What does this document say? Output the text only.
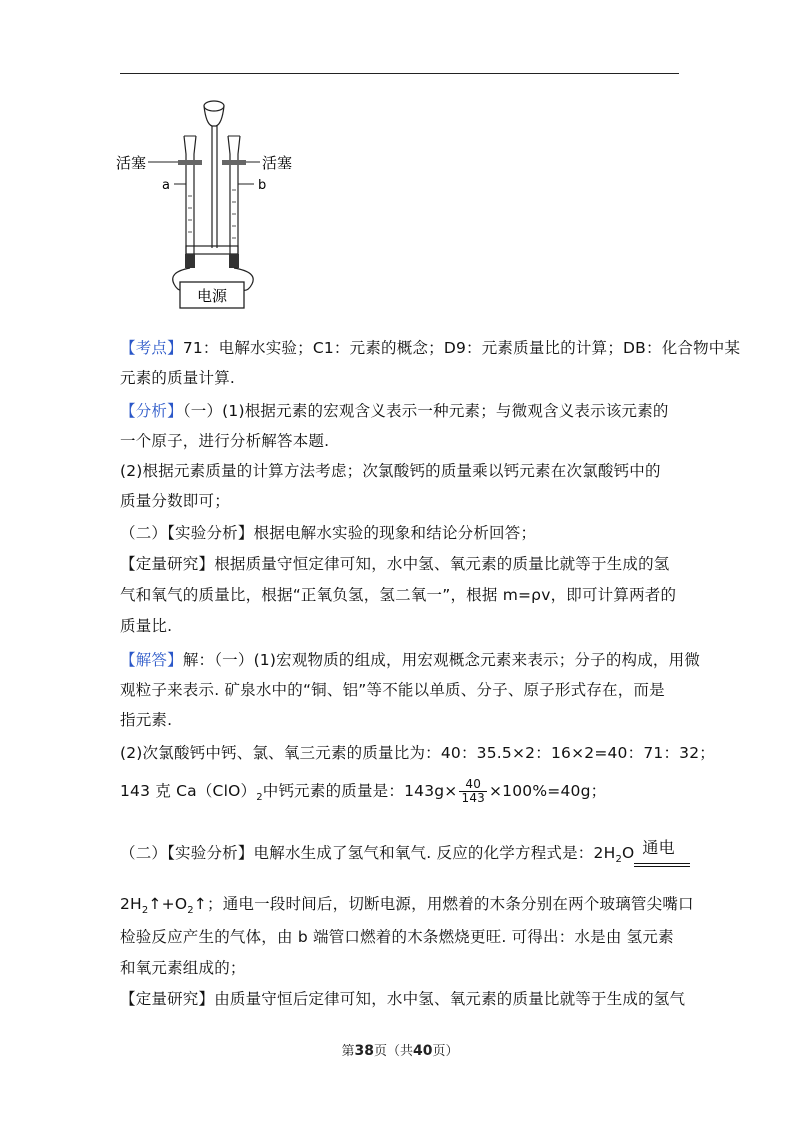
电源
活塞	活塞
a	b
【考点】71：电解水实验；C1：元素的概念；D9：元素质量比的计算；DB：化合物中某
元素的质量计算.
【分析】（一）(1)根据元素的宏观含义表示一种元素；与微观含义表示该元素的
一个原子，进行分析解答本题.
(2)根据元素质量的计算方法考虑；次氯酸钙的质量乘以钙元素在次氯酸钙中的
质量分数即可；
（二）【实验分析】根据电解水实验的现象和结论分析回答；
【定量研究】根据质量守恒定律可知，水中氢、氧元素的质量比就等于生成的氢
气和氧气的质量比，根据“正氧负氢，氢二氧一”，根据 m=ρv，即可计算两者的
质量比.
【解答】解：（一）(1)宏观物质的组成，用宏观概念元素来表示；分子的构成，用微
观粒子来表示. 矿泉水中的“铜、铝”等不能以单质、分子、原子形式存在，而是
指元素.
(2)次氯酸钙中钙、氯、氧三元素的质量比为：40：35.5×2：16×2=40：71：32；
143 克 $Ca(ClO)_2$中钙元素的质量是：$143g\times \frac{40}{143} \times 100\%=40g$；
（二）【实验分析】电解水生成了氢气和氧气. 反应的化学方程式是：$2H_2O$ 通电
$2H_2↑+O_2↑$；通电一段时间后，切断电源，用燃着的木条分别在两个玻璃管尖嘴口
检验反应产生的气体，由 b 端管口燃着的木条燃烧更旺. 可得出：水是由 氢元素
和氧元素组成的；
【定量研究】由质量守恒后定律可知，水中氢、氧元素的质量比就等于生成的氢气
第38页（共40页）
